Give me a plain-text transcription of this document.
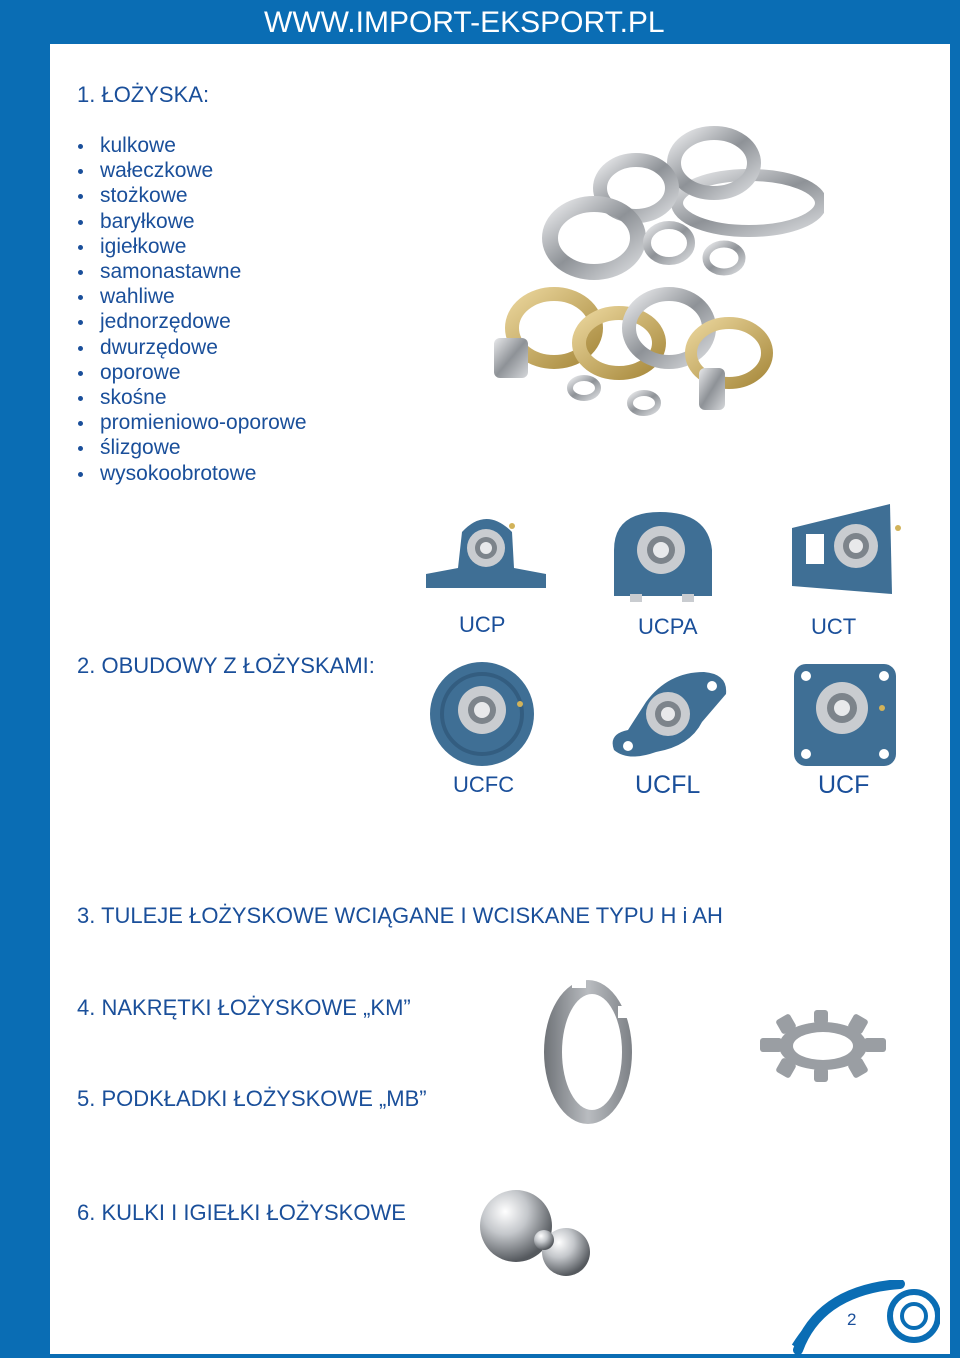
WWW.IMPORT-EKSPORT.PL
1. ŁOŻYSKA:
kulkowe
wałeczkowe
stożkowe
baryłkowe
igiełkowe
samonastawne
wahliwe
jednorzędowe
dwurzędowe
oporowe
skośne
promieniowo-oporowe
ślizgowe
wysokoobrotowe
2. OBUDOWY Z ŁOŻYSKAMI:
UCP	UCPA	UCT
UCFC	UCFL	UCF
3. TULEJE ŁOŻYSKOWE WCIĄGANE I WCISKANE TYPU H i AH
4. NAKRĘTKI ŁOŻYSKOWE „KM”
5. PODKŁADKI ŁOŻYSKOWE „MB”
6. KULKI I IGIEŁKI ŁOŻYSKOWE
2
